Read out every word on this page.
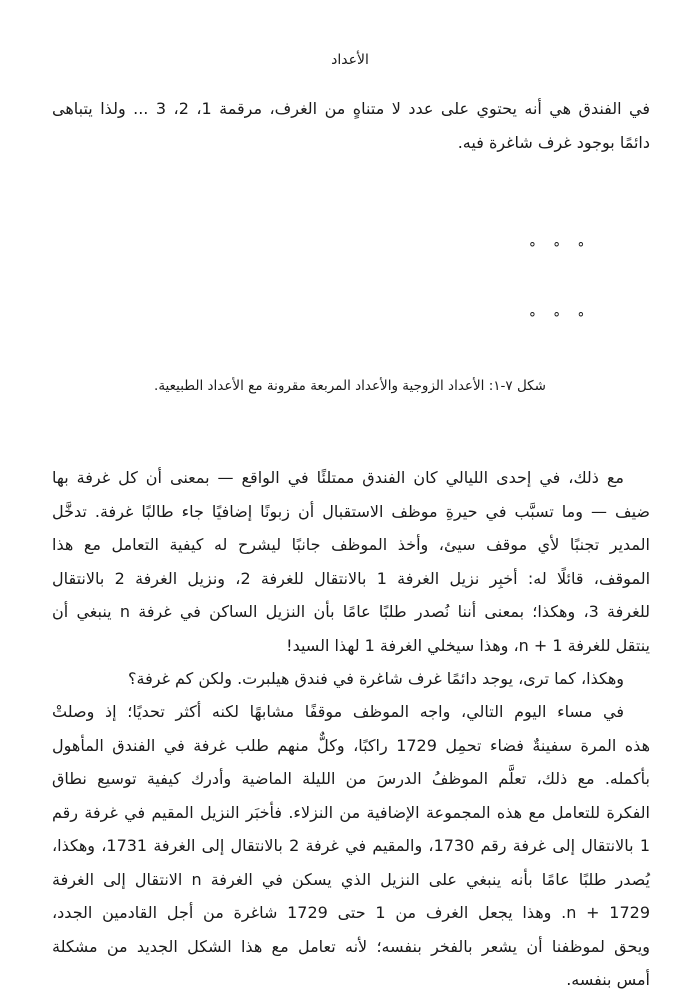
الأعداد
في الفندق هي أنه يحتوي على عدد لا متناهٍ من الغرف، مرقمة 1، 2، 3 ... ولذا يتباهى
دائمًا بوجود غرف شاغرة فيه.
∘ ∘ ∘
∘ ∘ ∘
شكل ٧-١: الأعداد الزوجية والأعداد المربعة مقرونة مع الأعداد الطبيعية.
مع ذلك، في إحدى الليالي كان الفندق ممتلئًا في الواقع — بمعنى أن كل غرفة بها
ضيف — وما تسبَّب في حيرةِ موظف الاستقبال أن زبونًا إضافيًا جاء طالبًا غرفة. تدخَّل
المدير تجنبًا لأي موقف سيئ، وأخذ الموظف جانبًا ليشرح له كيفية التعامل مع هذا
الموقف، قائلًا له: أخبِر نزيل الغرفة 1 بالانتقال للغرفة 2، ونزيل الغرفة 2 بالانتقال
للغرفة 3، وهكذا؛ بمعنى أننا نُصدر طلبًا عامًا بأن النزيل الساكن في غرفة n ينبغي أن
ينتقل للغرفة n + 1، وهذا سيخلي الغرفة 1 لهذا السيد!
وهكذا، كما ترى، يوجد دائمًا غرف شاغرة في فندق هيلبرت. ولكن كم غرفة؟
في مساء اليوم التالي، واجه الموظف موقفًا مشابهًا لكنه أكثر تحديًا؛ إذ وصلتْ
هذه المرة سفينةٌ فضاء تحمِل 1729 راكبًا، وكلٌّ منهم طلب غرفة في الفندق المأهول
بأكمله. مع ذلك، تعلَّم الموظفُ الدرسَ من الليلة الماضية وأدرك كيفية توسيع نطاق
الفكرة للتعامل مع هذه المجموعة الإضافية من النزلاء. فأخبَر النزيل المقيم في غرفة رقم
1 بالانتقال إلى غرفة رقم 1730، والمقيم في غرفة 2 بالانتقال إلى الغرفة 1731، وهكذا،
يُصدر طلبًا عامًا بأنه ينبغي على النزيل الذي يسكن في الغرفة n الانتقال إلى الغرفة
n + 1729. وهذا يجعل الغرف من 1 حتى 1729 شاغرة من أجل القادمين الجدد،
ويحق لموظفنا أن يشعر بالفخر بنفسه؛ لأنه تعامل مع هذا الشكل الجديد من مشكلة
أمس بنفسه.
